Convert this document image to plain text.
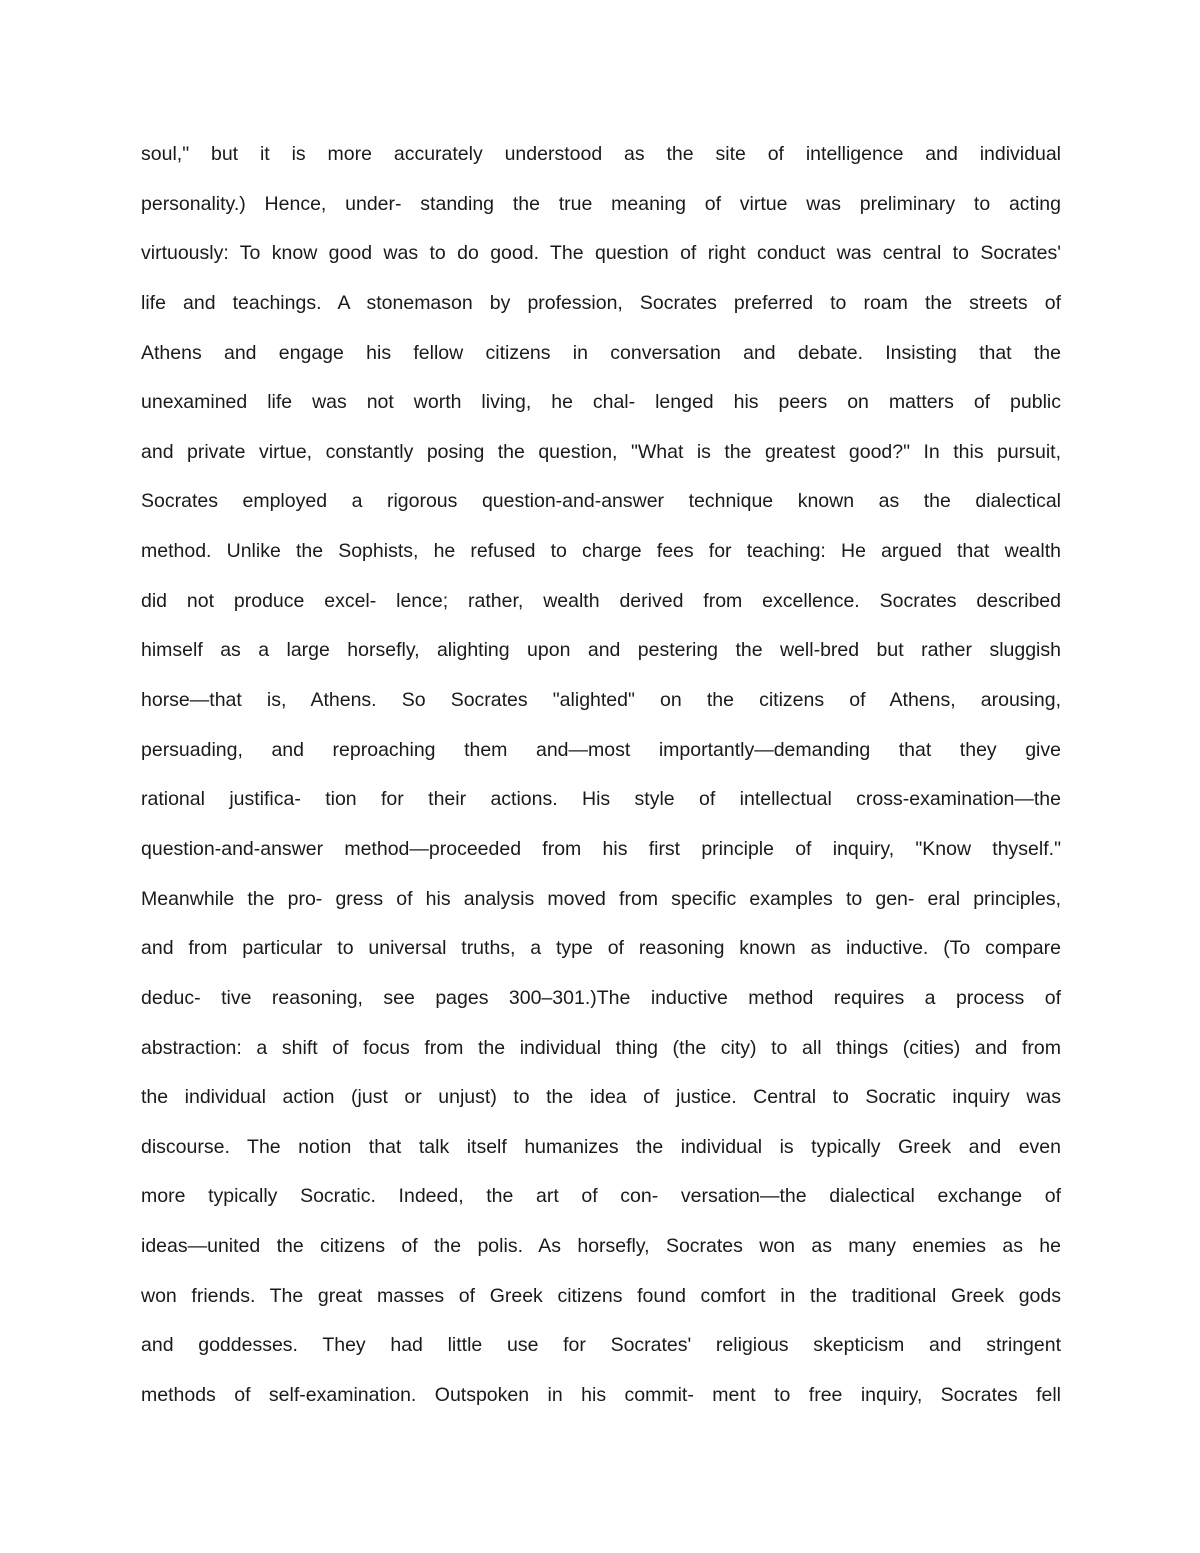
soul," but it is more accurately understood as the site of intelligence and individual
personality.) Hence, under- standing the true meaning of virtue was preliminary to acting
virtuously: To know good was to do good. The question of right conduct was central to Socrates'
life and teachings. A stonemason by profession, Socrates preferred to roam the streets of
Athens and engage his fellow citizens in conversation and debate. Insisting that the
unexamined life was not worth living, he chal- lenged his peers on matters of public
and private virtue, constantly posing the question, "What is the greatest good?" In this pursuit,
Socrates employed a rigorous question-and-answer technique known as the dialectical
method. Unlike the Sophists, he refused to charge fees for teaching: He argued that wealth
did not produce excel- lence; rather, wealth derived from excellence. Socrates described
himself as a large horsefly, alighting upon and pestering the well-bred but rather sluggish
horse—that is, Athens. So Socrates "alighted" on the citizens of Athens, arousing,
persuading, and reproaching them and—most importantly—demanding that they give
rational justifica- tion for their actions. His style of intellectual cross-examination—the
question-and-answer method—proceeded from his first principle of inquiry, "Know thyself."
Meanwhile the pro- gress of his analysis moved from specific examples to gen- eral principles,
and from particular to universal truths, a type of reasoning known as inductive. (To compare
deduc- tive reasoning, see pages 300–301.)The inductive method requires a process of
abstraction: a shift of focus from the individual thing (the city) to all things (cities) and from
the individual action (just or unjust) to the idea of justice. Central to Socratic inquiry was
discourse. The notion that talk itself humanizes the individual is typically Greek and even
more typically Socratic. Indeed, the art of con- versation—the dialectical exchange of
ideas—united the citizens of the polis. As horsefly, Socrates won as many enemies as he
won friends. The great masses of Greek citizens found comfort in the traditional Greek gods
and goddesses. They had little use for Socrates' religious skepticism and stringent
methods of self-examination. Outspoken in his commit- ment to free inquiry, Socrates fell
